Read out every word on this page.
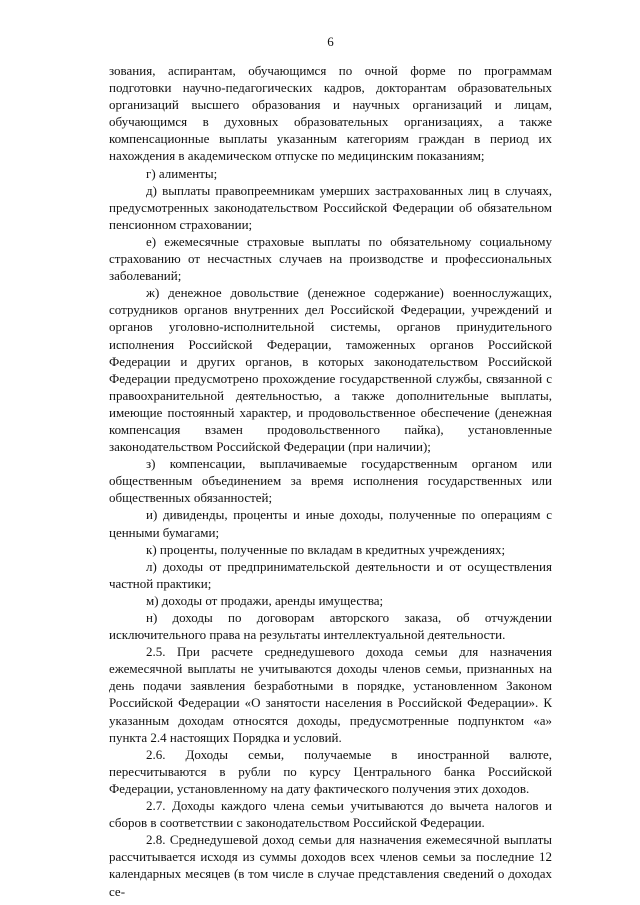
6

зования, аспирантам, обучающимся по очной форме по программам подготовки научно-педагогических кадров, докторантам образовательных организаций высшего образования и научных организаций и лицам, обучающимся в духовных образовательных организациях, а также компенсационные выплаты указанным категориям граждан в период их нахождения в академическом отпуске по медицинским показаниям;

г) алименты;

д) выплаты правопреемникам умерших застрахованных лиц в случаях, предусмотренных законодательством Российской Федерации об обязательном пенсионном страховании;

е) ежемесячные страховые выплаты по обязательному социальному страхованию от несчастных случаев на производстве и профессиональных заболеваний;

ж) денежное довольствие (денежное содержание) военнослужащих, сотрудников органов внутренних дел Российской Федерации, учреждений и органов уголовно-исполнительной системы, органов принудительного исполнения Российской Федерации, таможенных органов Российской Федерации и других органов, в которых законодательством Российской Федерации предусмотрено прохождение государственной службы, связанной с правоохранительной деятельностью, а также дополнительные выплаты, имеющие постоянный характер, и продовольственное обеспечение (денежная компенсация взамен продовольственного пайка), установленные законодательством Российской Федерации (при наличии);

з) компенсации, выплачиваемые государственным органом или общественным объединением за время исполнения государственных или общественных обязанностей;

и) дивиденды, проценты и иные доходы, полученные по операциям с ценными бумагами;

к) проценты, полученные по вкладам в кредитных учреждениях;

л) доходы от предпринимательской деятельности и от осуществления частной практики;

м) доходы от продажи, аренды имущества;

н) доходы по договорам авторского заказа, об отчуждении исключительного права на результаты интеллектуальной деятельности.

2.5. При расчете среднедушевого дохода семьи для назначения ежемесячной выплаты не учитываются доходы членов семьи, признанных на день подачи заявления безработными в порядке, установленном Законом Российской Федерации «О занятости населения в Российской Федерации». К указанным доходам относятся доходы, предусмотренные подпунктом «а» пункта 2.4 настоящих Порядка и условий.

2.6. Доходы семьи, получаемые в иностранной валюте, пересчитываются в рубли по курсу Центрального банка Российской Федерации, установленному на дату фактического получения этих доходов.

2.7. Доходы каждого члена семьи учитываются до вычета налогов и сборов в соответствии с законодательством Российской Федерации.

2.8. Среднедушевой доход семьи для назначения ежемесячной выплаты рассчитывается исходя из суммы доходов всех членов семьи за последние 12 календарных месяцев (в том числе в случае представления сведений о доходах се-
